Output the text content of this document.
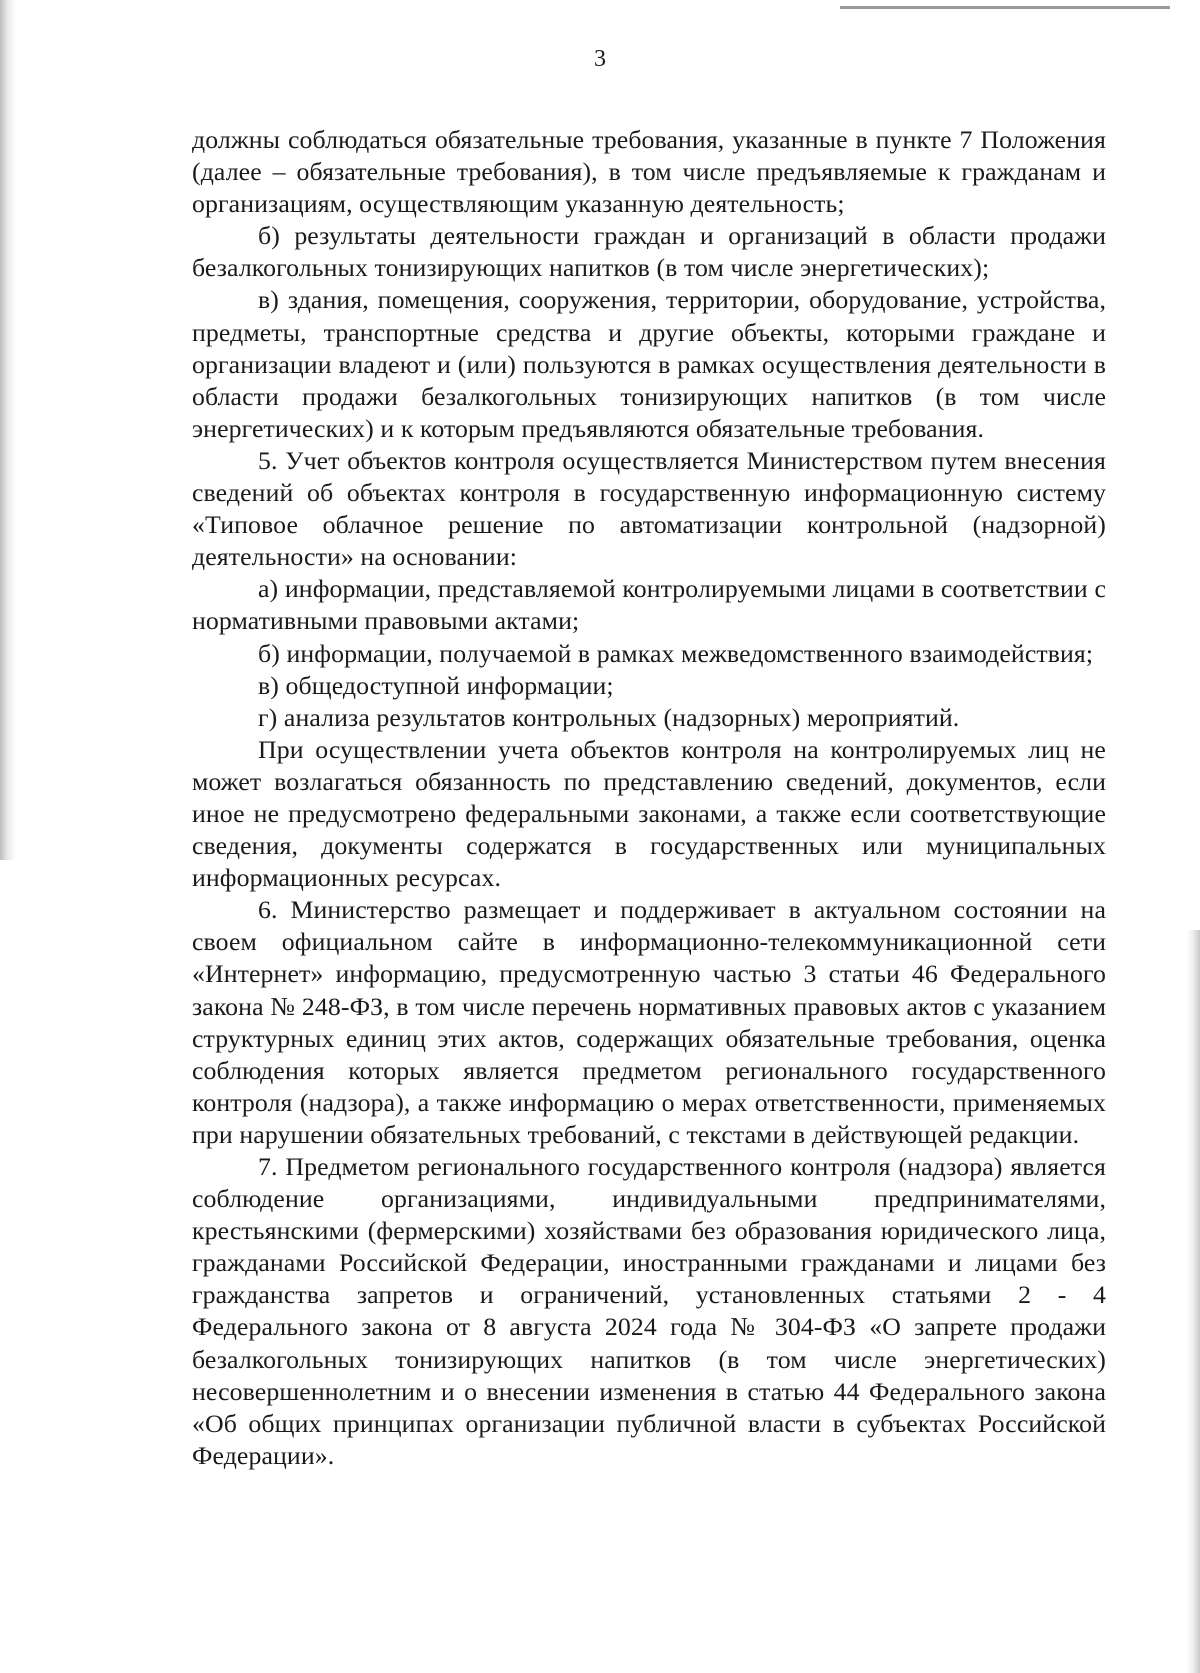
3

должны соблюдаться обязательные требования, указанные в пункте 7 Положения (далее – обязательные требования), в том числе предъявляемые к гражданам и организациям, осуществляющим указанную деятельность;

б) результаты деятельности граждан и организаций в области продажи безалкогольных тонизирующих напитков (в том числе энергетических);

в) здания, помещения, сооружения, территории, оборудование, устройства, предметы, транспортные средства и другие объекты, которыми граждане и организации владеют и (или) пользуются в рамках осуществления деятельности в области продажи безалкогольных тонизирующих напитков (в том числе энергетических) и к которым предъявляются обязательные требования.

5. Учет объектов контроля осуществляется Министерством путем внесения сведений об объектах контроля в государственную информационную систему «Типовое облачное решение по автоматизации контрольной (надзорной) деятельности» на основании:

а) информации, представляемой контролируемыми лицами в соответствии с нормативными правовыми актами;

б) информации, получаемой в рамках межведомственного взаимодействия;

в) общедоступной информации;

г) анализа результатов контрольных (надзорных) мероприятий.

При осуществлении учета объектов контроля на контролируемых лиц не может возлагаться обязанность по представлению сведений, документов, если иное не предусмотрено федеральными законами, а также если соответствующие сведения, документы содержатся в государственных или муниципальных информационных ресурсах.

6. Министерство размещает и поддерживает в актуальном состоянии на своем официальном сайте в информационно-телекоммуникационной сети «Интернет» информацию, предусмотренную частью 3 статьи 46 Федерального закона № 248-ФЗ, в том числе перечень нормативных правовых актов с указанием структурных единиц этих актов, содержащих обязательные требования, оценка соблюдения которых является предметом регионального государственного контроля (надзора), а также информацию о мерах ответственности, применяемых при нарушении обязательных требований, с текстами в действующей редакции.

7. Предметом регионального государственного контроля (надзора) является соблюдение организациями, индивидуальными предпринимателями, крестьянскими (фермерскими) хозяйствами без образования юридического лица, гражданами Российской Федерации, иностранными гражданами и лицами без гражданства запретов и ограничений, установленных статьями 2 - 4 Федерального закона от 8 августа 2024 года № 304-ФЗ «О запрете продажи безалкогольных тонизирующих напитков (в том числе энергетических) несовершеннолетним и о внесении изменения в статью 44 Федерального закона «Об общих принципах организации публичной власти в субъектах Российской Федерации».
